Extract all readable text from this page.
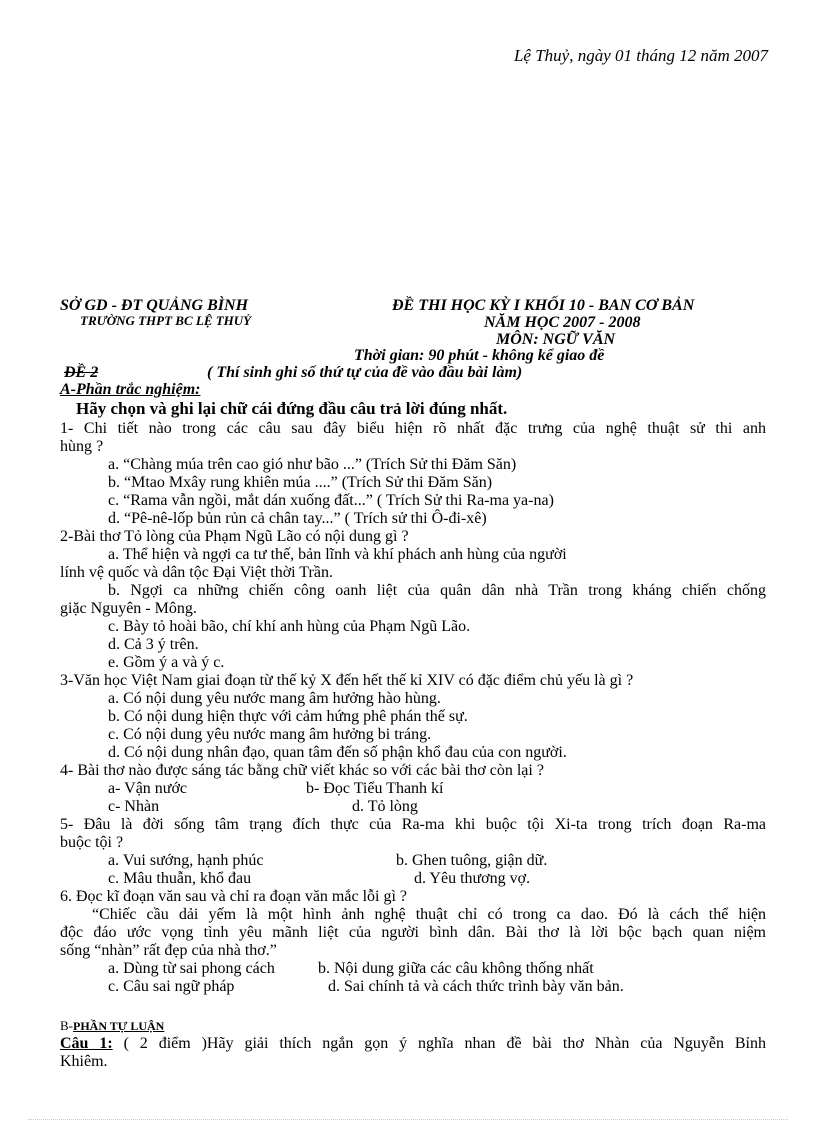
Lệ Thuỷ, ngày 01 tháng 12 năm 2007
SỞ GD - ĐT QUẢNG BÌNH
TRƯỜNG THPT BC LỆ THUỶ
ĐỀ THI HỌC KỲ I KHỐI 10 - BAN CƠ BẢN
NĂM HỌC 2007 - 2008
MÔN: NGỮ VĂN
Thời gian: 90 phút - không kể giao đề
ĐỀ 2	( Thí sinh ghi số thứ tự của đề vào đầu bài làm)
A-Phần trắc nghiệm:
Hãy chọn và ghi lại chữ cái đứng đầu câu trả lời đúng nhất.
1- Chi tiết nào trong các câu sau đây biểu hiện rõ nhất đặc trưng của nghệ thuật sử thi anh
hùng ?
a. “Chàng múa trên cao gió như bão ...” (Trích Sử thi Đăm Săn)
b. “Mtao Mxây rung khiên múa ....” (Trích Sử thi Đăm Săn)
c. “Rama vẫn ngồi, mắt dán xuống đất...” ( Trích Sử thi Ra-ma ya-na)
d. “Pê-nê-lốp bủn rủn cả chân tay...” ( Trích sử thi Ô-đi-xê)
2-Bài thơ Tỏ lòng của Phạm Ngũ Lão có nội dung gì ?
a. Thể hiện và ngợi ca tư thế, bản lĩnh và khí phách anh hùng của người
lính vệ quốc và dân tộc Đại Việt thời Trần.
b. Ngợi ca những chiến công oanh liệt của quân dân nhà Trần trong kháng chiến chống
giặc Nguyên - Mông.
c. Bày tỏ hoài bão, chí khí anh hùng của Phạm Ngũ Lão.
d. Cả 3 ý trên.
e. Gồm ý a và ý c.
3-Văn học Việt Nam giai đoạn từ thế kỷ X đến hết thế kỉ XIV có đặc điểm chủ yếu là gì ?
a. Có nội dung yêu nước mang âm hưởng hào hùng.
b. Có nội dung hiện thực với cảm hứng phê phán thế sự.
c. Có nội dung yêu nước mang âm hưởng bi tráng.
d. Có nội dung nhân đạo, quan tâm đến số phận khổ đau của con người.
4- Bài thơ nào được sáng tác bằng chữ viết khác so với các bài thơ còn lại ?
a- Vận nước	b- Đọc Tiểu Thanh kí
c- Nhàn	d. Tỏ lòng
5- Đâu là đời sống tâm trạng đích thực của Ra-ma khi buộc tội Xi-ta trong trích đoạn Ra-ma
buộc tội ?
a. Vui sướng, hạnh phúc	b. Ghen tuông, giận dữ.
c. Mâu thuẫn, khổ đau	d. Yêu thương vợ.
6. Đọc kĩ đoạn văn sau và chỉ ra đoạn văn mắc lỗi gì ?
“Chiếc cầu dải yếm là một hình ảnh nghệ thuật chỉ có trong ca dao. Đó là cách thể hiện
độc đáo ước vọng tình yêu mãnh liệt của người bình dân. Bài thơ là lời bộc bạch quan niệm
sống “nhàn” rất đẹp của nhà thơ.”
a. Dùng từ sai phong cách	b. Nội dung giữa các câu không thống nhất
c. Câu sai ngữ pháp	d. Sai chính tả và cách thức trình bày văn bản.
B-PHẦN TỰ LUẬN
Câu 1: ( 2 điểm )Hãy giải thích ngắn gọn ý nghĩa nhan đề bài thơ Nhàn của Nguyễn Bỉnh
Khiêm.
